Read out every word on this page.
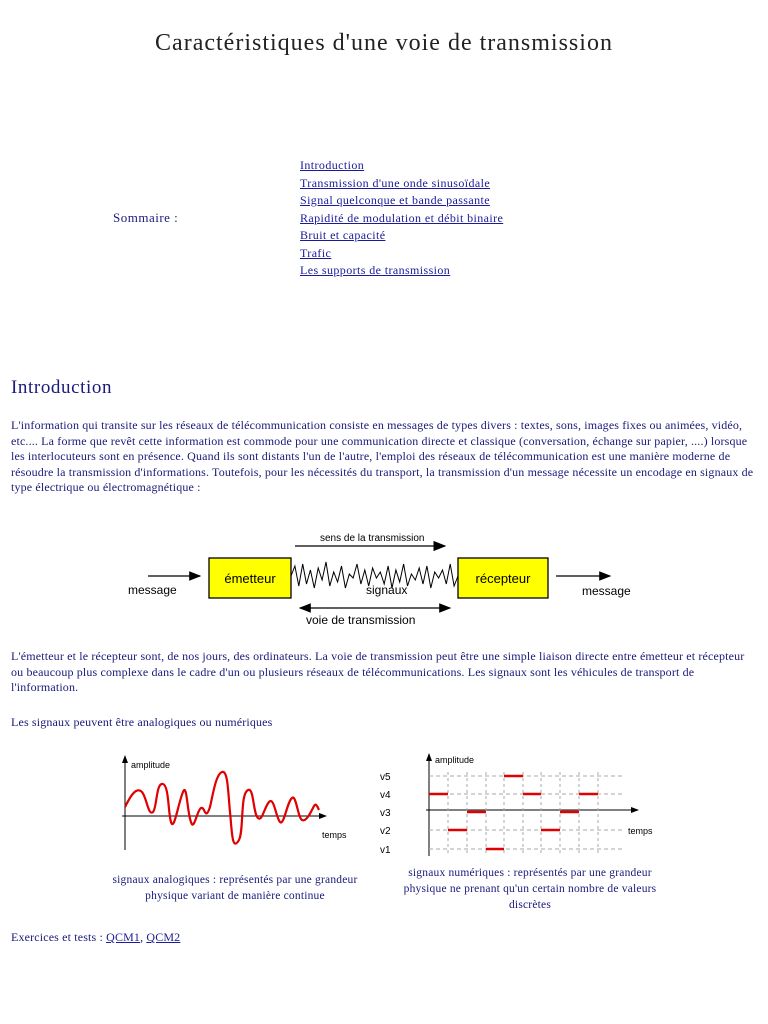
Caractéristiques d'une voie de transmission
Sommaire :
Introduction
Transmission d'une onde sinusoïdale
Signal quelconque et bande passante
Rapidité de modulation et débit binaire
Bruit et capacité
Trafic
Les supports de transmission
Introduction
L'information qui transite sur les réseaux de télécommunication consiste en messages de types divers : textes, sons, images fixes ou animées, vidéo, etc.... La forme que revêt cette information est commode pour une communication directe et classique (conversation, échange sur papier, ....) lorsque les interlocuteurs sont en présence. Quand ils sont distants l'un de l'autre, l'emploi des réseaux de télécommunication est une manière moderne de résoudre la transmission d'informations. Toutefois, pour les nécessités du transport, la transmission d'un message nécessite un encodage en signaux de type électrique ou électromagnétique :
sens de la transmission
message
émetteur
signaux
récepteur
message
voie de transmission
L'émetteur et le récepteur sont, de nos jours, des ordinateurs. La voie de transmission peut être une simple liaison directe entre émetteur et récepteur ou beaucoup plus complexe dans le cadre d'un ou plusieurs réseaux de télécommunications. Les signaux sont les véhicules de transport de l'information.
Les signaux peuvent être analogiques ou numériques
amplitude
temps
signaux analogiques : représentés par une grandeur physique variant de manière continue
amplitude
temps
v5
v4
v3
v2
v1
signaux numériques : représentés par une grandeur physique ne prenant qu'un certain nombre de valeurs discrètes
Exercices et tests : QCM1, QCM2
